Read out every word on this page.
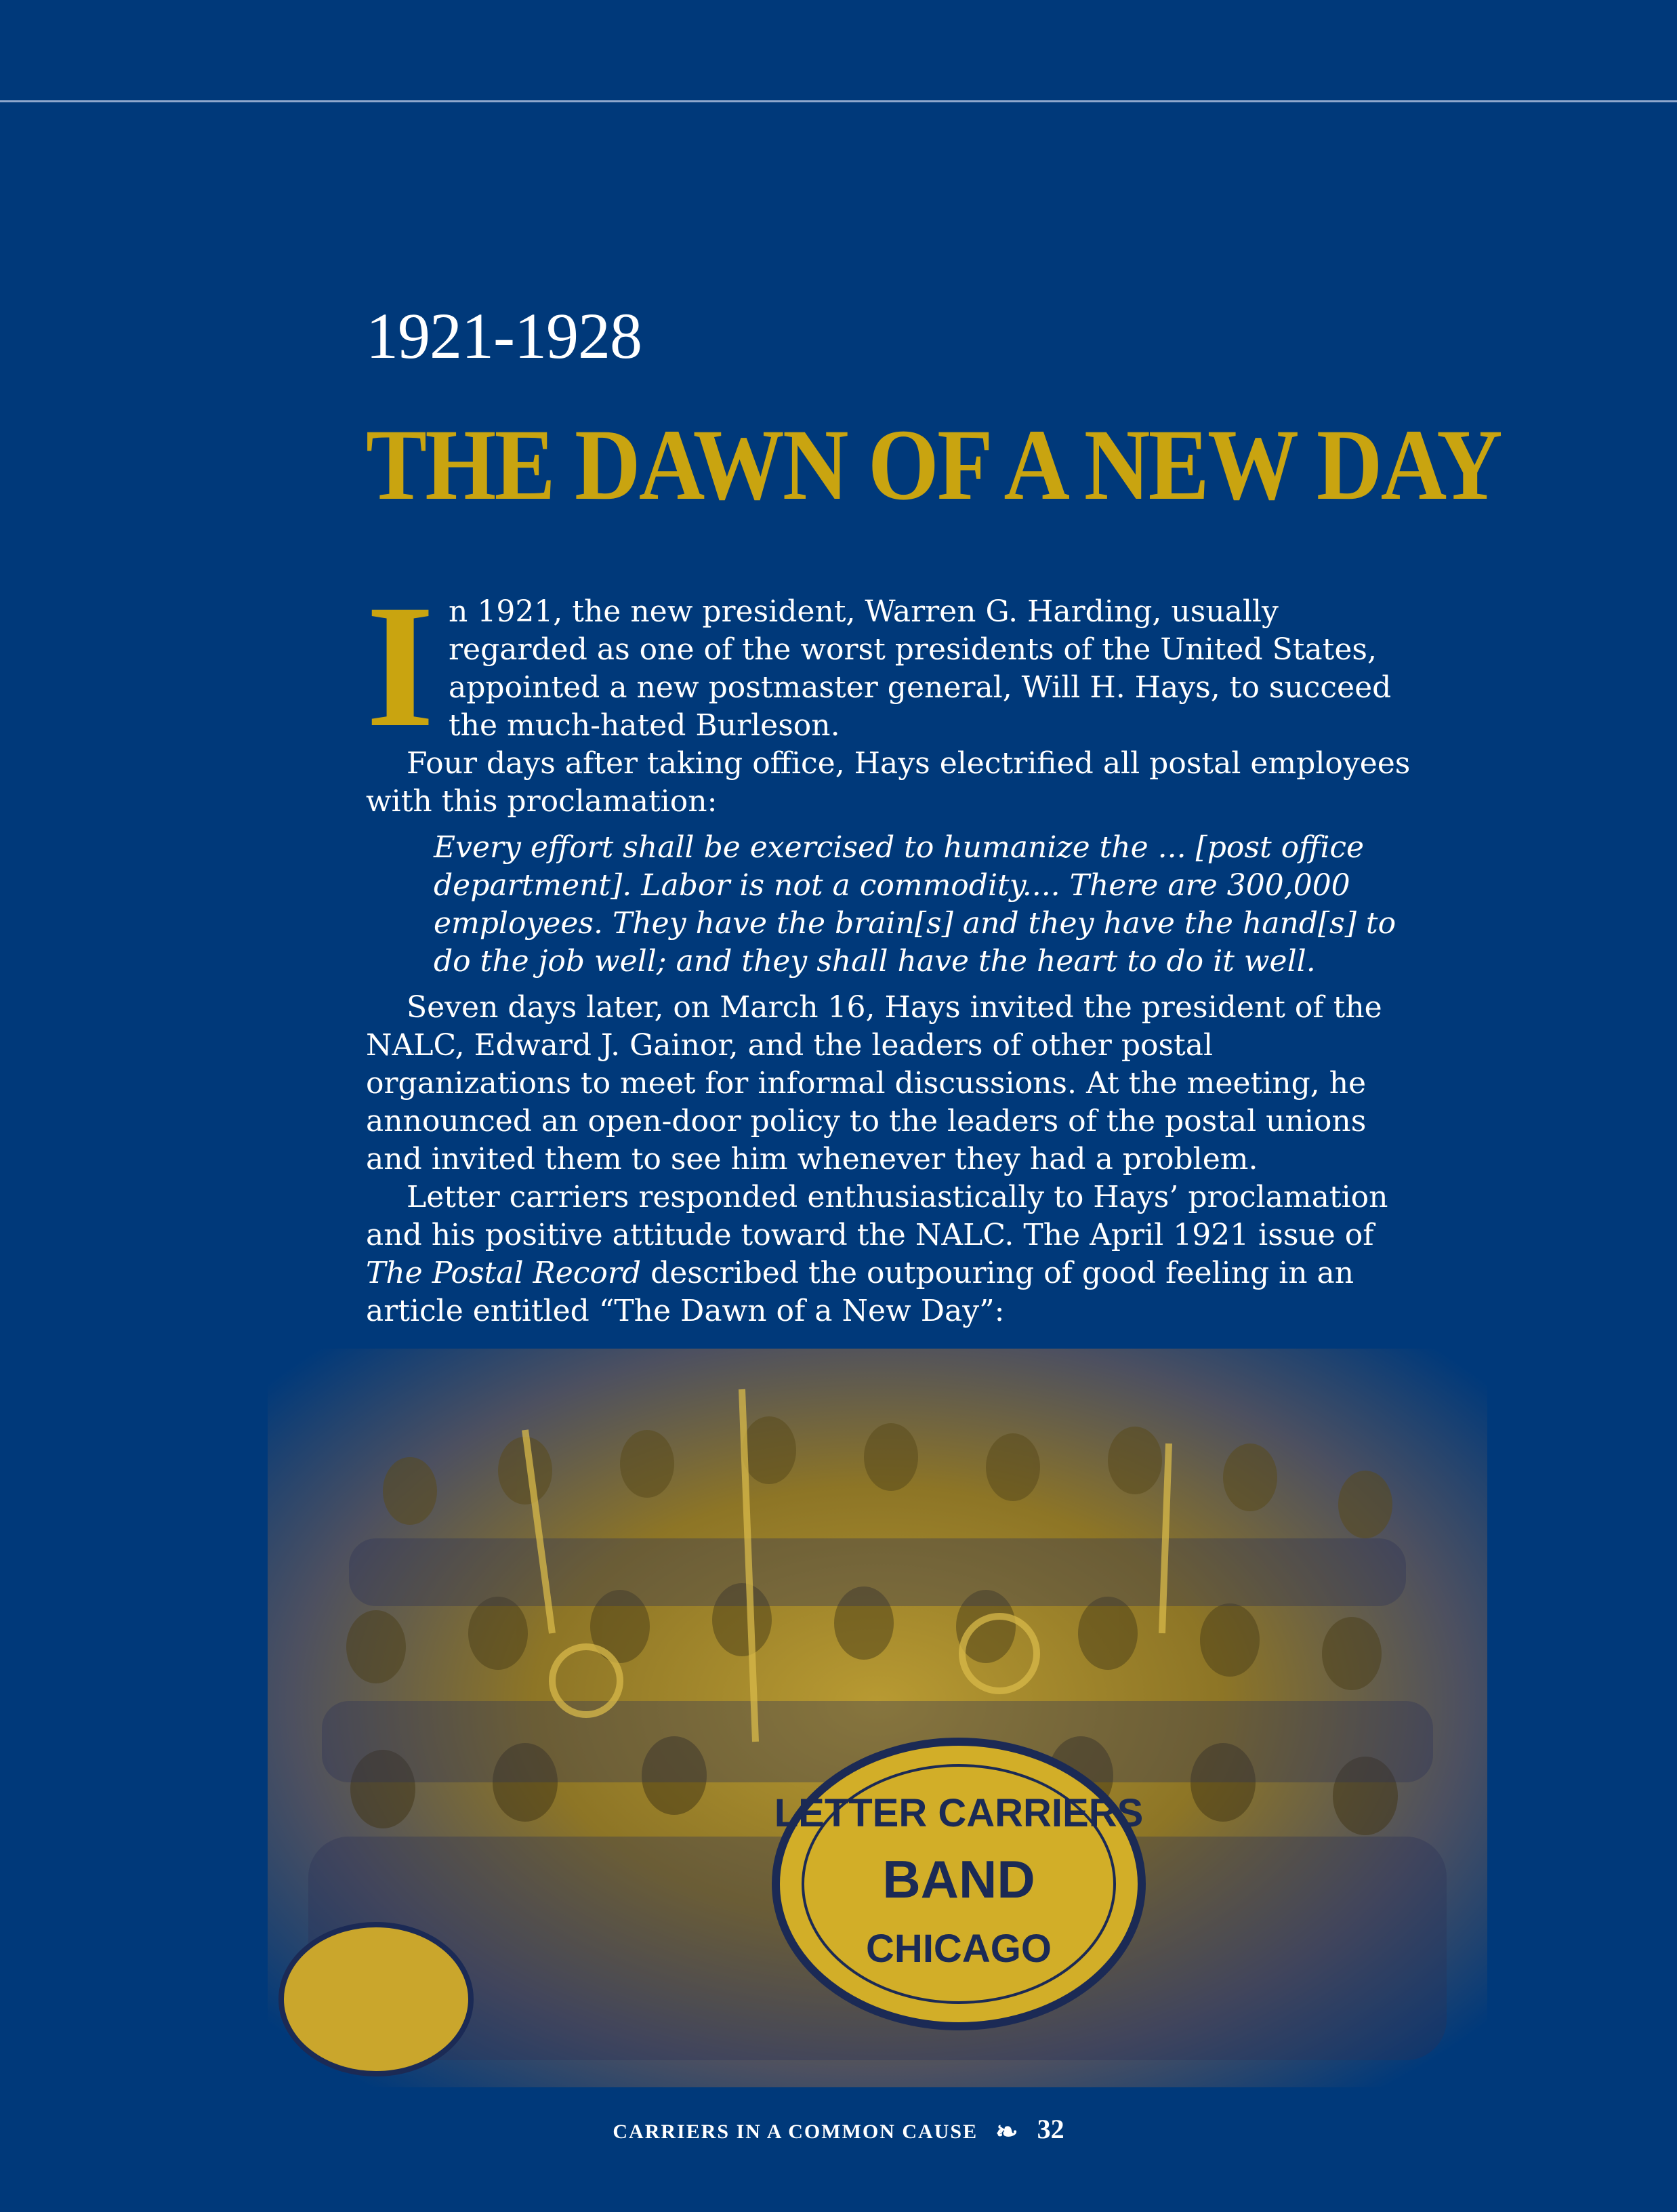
1921-1928
THE DAWN OF A NEW DAY

I n 1921, the new president, Warren G. Harding, usually regarded as one of the worst presidents of the United States, appointed a new postmaster general, Will H. Hays, to succeed the much-hated Burleson.

Four days after taking office, Hays electrified all postal employees with this proclamation:

Every effort shall be exercised to humanize the ... [post office department]. Labor is not a commodity.... There are 300,000 employees. They have the brain[s] and they have the hand[s] to do the job well; and they shall have the heart to do it well.

Seven days later, on March 16, Hays invited the president of the NALC, Edward J. Gainor, and the leaders of other postal organizations to meet for informal discussions. At the meeting, he announced an open-door policy to the leaders of the postal unions and invited them to see him whenever they had a problem.

Letter carriers responded enthusiastically to Hays’ proclamation and his positive attitude toward the NALC. The April 1921 issue of The Postal Record described the outpouring of good feeling in an article entitled “The Dawn of a New Day”:

LETTER CARRIERS
BAND
CHICAGO
CARRIERS IN A COMMON CAUSE ❧ 32
